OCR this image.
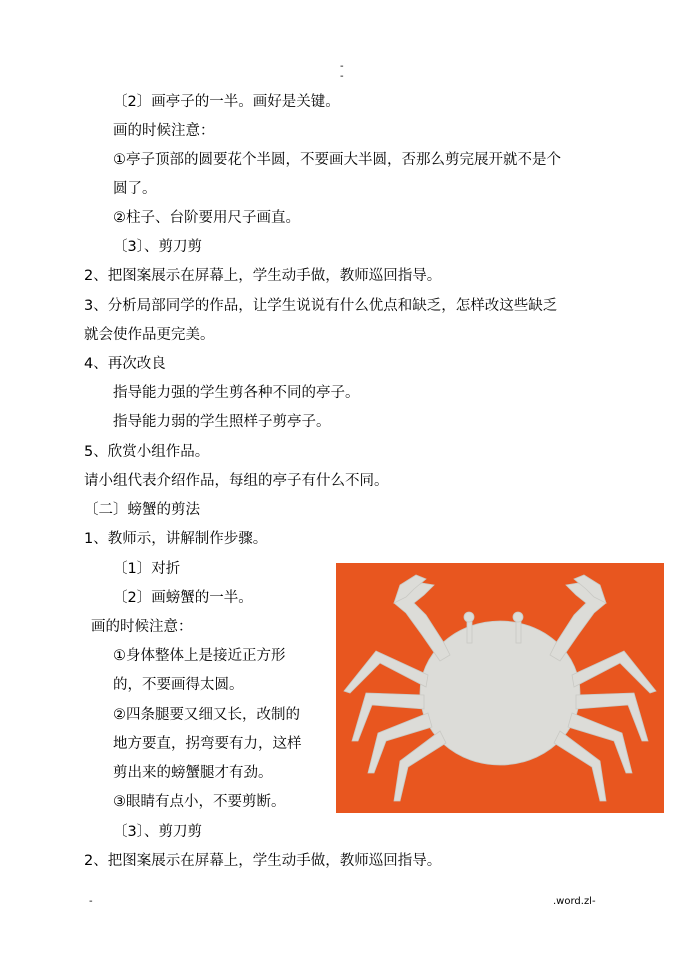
-
-
〔2〕画亭子的一半。画好是关键。
画的时候注意：
①亭子顶部的圆要花个半圆，不要画大半圆，否那么剪完展开就不是个
圆了。
②柱子、台阶要用尺子画直。
〔3〕、剪刀剪
2、把图案展示在屏幕上，学生动手做，教师巡回指导。
3、分析局部同学的作品，让学生说说有什么优点和缺乏，怎样改这些缺乏
就会使作品更完美。
4、再次改良
指导能力强的学生剪各种不同的亭子。
指导能力弱的学生照样子剪亭子。
5、欣赏小组作品。
请小组代表介绍作品，每组的亭子有什么不同。
〔二〕螃蟹的剪法
1、教师示，讲解制作步骤。
〔1〕对折
〔2〕画螃蟹的一半。
画的时候注意：
①身体整体上是接近正方形
的，不要画得太圆。
②四条腿要又细又长，改制的
地方要直，拐弯要有力，这样
剪出来的螃蟹腿才有劲。
③眼睛有点小，不要剪断。
〔3〕、剪刀剪
2、把图案展示在屏幕上，学生动手做，教师巡回指导。
-	.word.zl-
